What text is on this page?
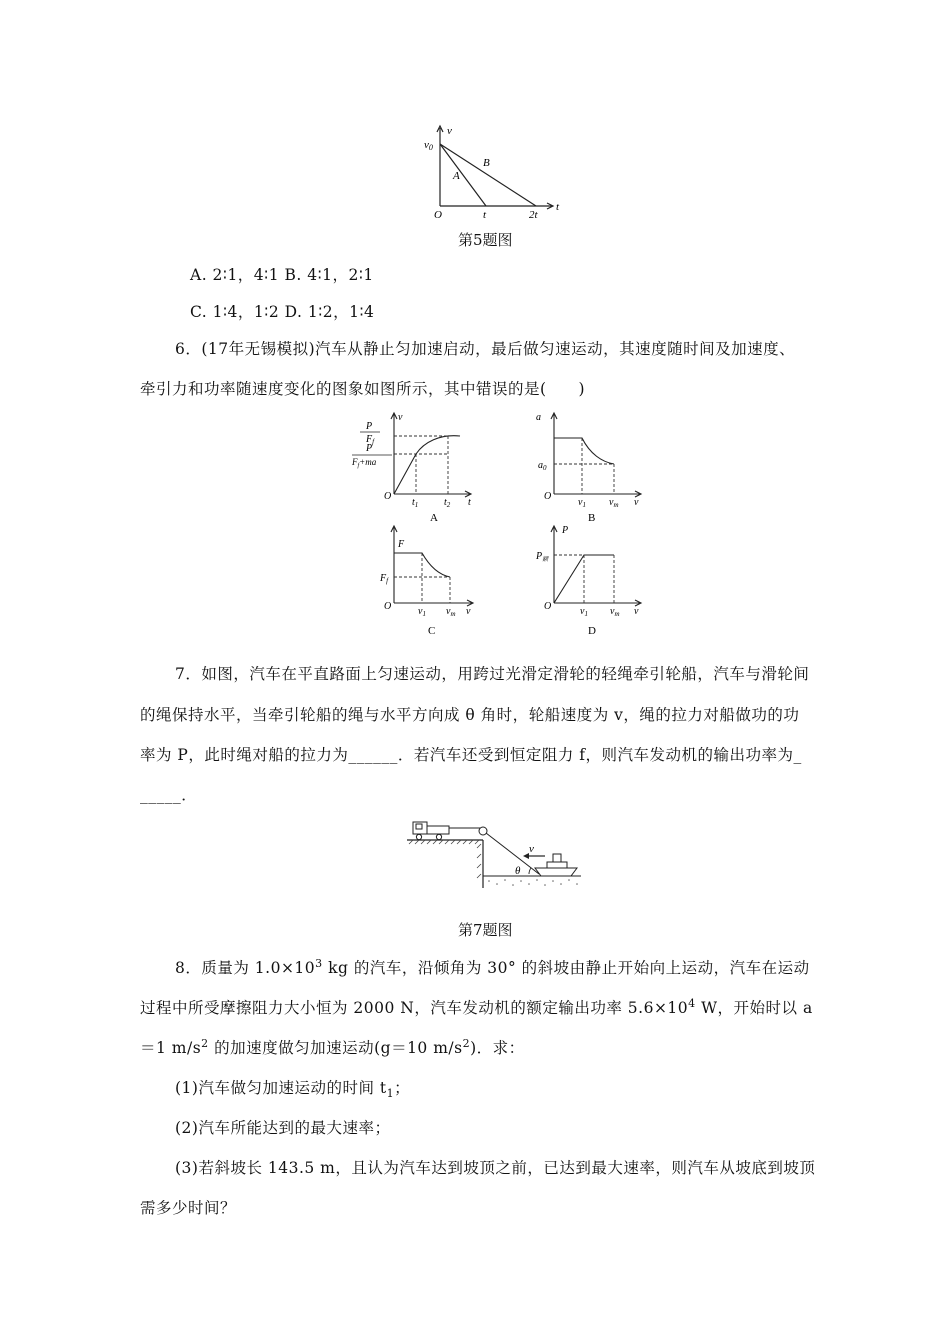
v
v0
O	t	2t
t
A
B
第5题图
A. 2∶1，4∶1 B. 4∶1，2∶1
C. 1∶4，1∶2 D. 1∶2，1∶4
6．(17年无锡模拟)汽车从静止匀加速启动，最后做匀速运动，其速度随时间及加速度、
牵引力和功率随速度变化的图象如图所示，其中错误的是(　　)
v
P
$F_f$
P
$F_f+ma$
O
$t_1$	$t_2$ t
A
a
$a_0$
O
$v_1$ $v_m$ v
B
F
$F_f$
O	$v_1$ $v_m$ v
C
P
$P_额$
O	$v_1$ $v_m$ v
D
7．如图，汽车在平直路面上匀速运动，用跨过光滑定滑轮的轻绳牵引轮船，汽车与滑轮间
的绳保持水平，当牵引轮船的绳与水平方向成 θ 角时，轮船速度为 v，绳的拉力对船做功的功
率为 P，此时绳对船的拉力为______．若汽车还受到恒定阻力 f，则汽车发动机的输出功率为_
_____．
v
θ
第7题图
8．质量为 $1.0\times 10^3$ kg 的汽车，沿倾角为 30° 的斜坡由静止开始向上运动，汽车在运动
过程中所受摩擦阻力大小恒为 2000 N，汽车发动机的额定输出功率 $5.6\times 10^4$ W，开始时以 a
＝1 $m/s^2$ 的加速度做匀加速运动(g＝10 $m/s^2$)．求：
(1)汽车做匀加速运动的时间 $t_1$；
(2)汽车所能达到的最大速率；
(3)若斜坡长 143.5 m，且认为汽车达到坡顶之前，已达到最大速率，则汽车从坡底到坡顶
需多少时间？
